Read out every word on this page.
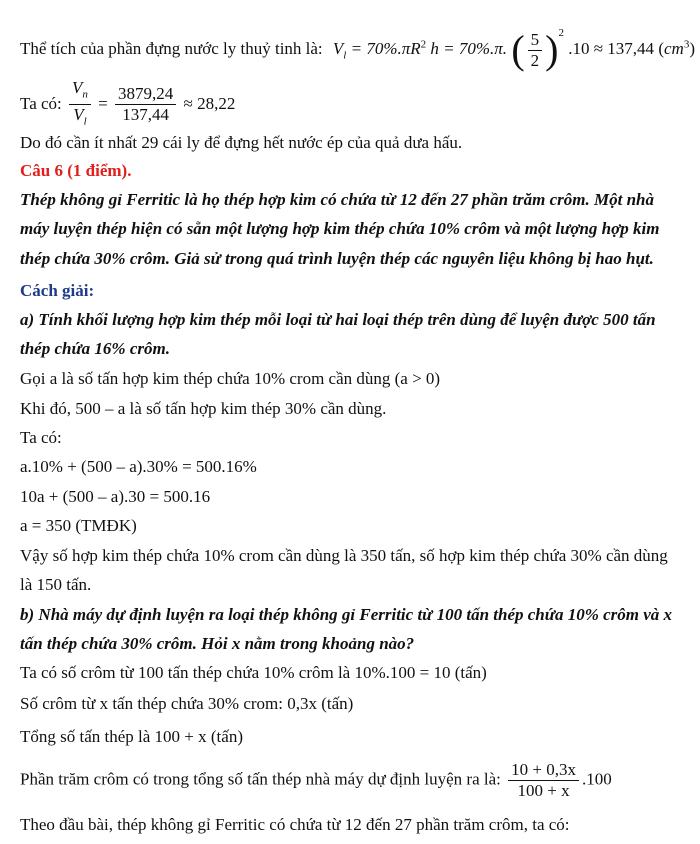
Thể tích của phần đựng nước ly thuỷ tinh là: $V_l = 70\%.\pi R^2$ h = 70%.π. ( $\frac{5}{2} )^2$ .10 ≈ 137,44 $(cm^3)$
Ta có: $\frac{V_n}{V_l} = \frac{3879,24}{137,44} \approx 28,22$
Do đó cần ít nhất 29 cái ly để đựng hết nước ép của quả dưa hấu.
Câu 6 (1 điểm).
Thép không gỉ Ferritic là họ thép hợp kim có chứa từ 12 đến 27 phần trăm crôm. Một nhà
máy luyện thép hiện có sẵn một lượng hợp kim thép chứa 10% crôm và một lượng hợp kim
thép chứa 30% crôm. Giả sử trong quá trình luyện thép các nguyên liệu không bị hao hụt.
Cách giải:
a) Tính khối lượng hợp kim thép mỗi loại từ hai loại thép trên dùng để luyện được 500 tấn
thép chứa 16% crôm.
Gọi a là số tấn hợp kim thép chứa 10% crom cần dùng (a > 0)
Khi đó, 500 – a là số tấn hợp kim thép 30% cần dùng.
Ta có:
a.10% + (500 – a).30% = 500.16%
10a + (500 – a).30 = 500.16
a = 350 (TMĐK)
Vậy số hợp kim thép chứa 10% crom cần dùng là 350 tấn, số hợp kim thép chứa 30% cần dùng
là 150 tấn.
b) Nhà máy dự định luyện ra loại thép không gỉ Ferritic từ 100 tấn thép chứa 10% crôm và x
tấn thép chứa 30% crôm. Hỏi x nằm trong khoảng nào?
Ta có số crôm từ 100 tấn thép chứa 10% crôm là 10%.100 = 10 (tấn)
Số crôm từ x tấn thép chứa 30% crom: 0,3x (tấn)
Tổng số tấn thép là 100 + x (tấn)
Phần trăm crôm có trong tổng số tấn thép nhà máy dự định luyện ra là: $\frac{10 + 0,3x}{100 + x} .100$
Theo đầu bài, thép không gỉ Ferritic có chứa từ 12 đến 27 phần trăm crôm, ta có:
